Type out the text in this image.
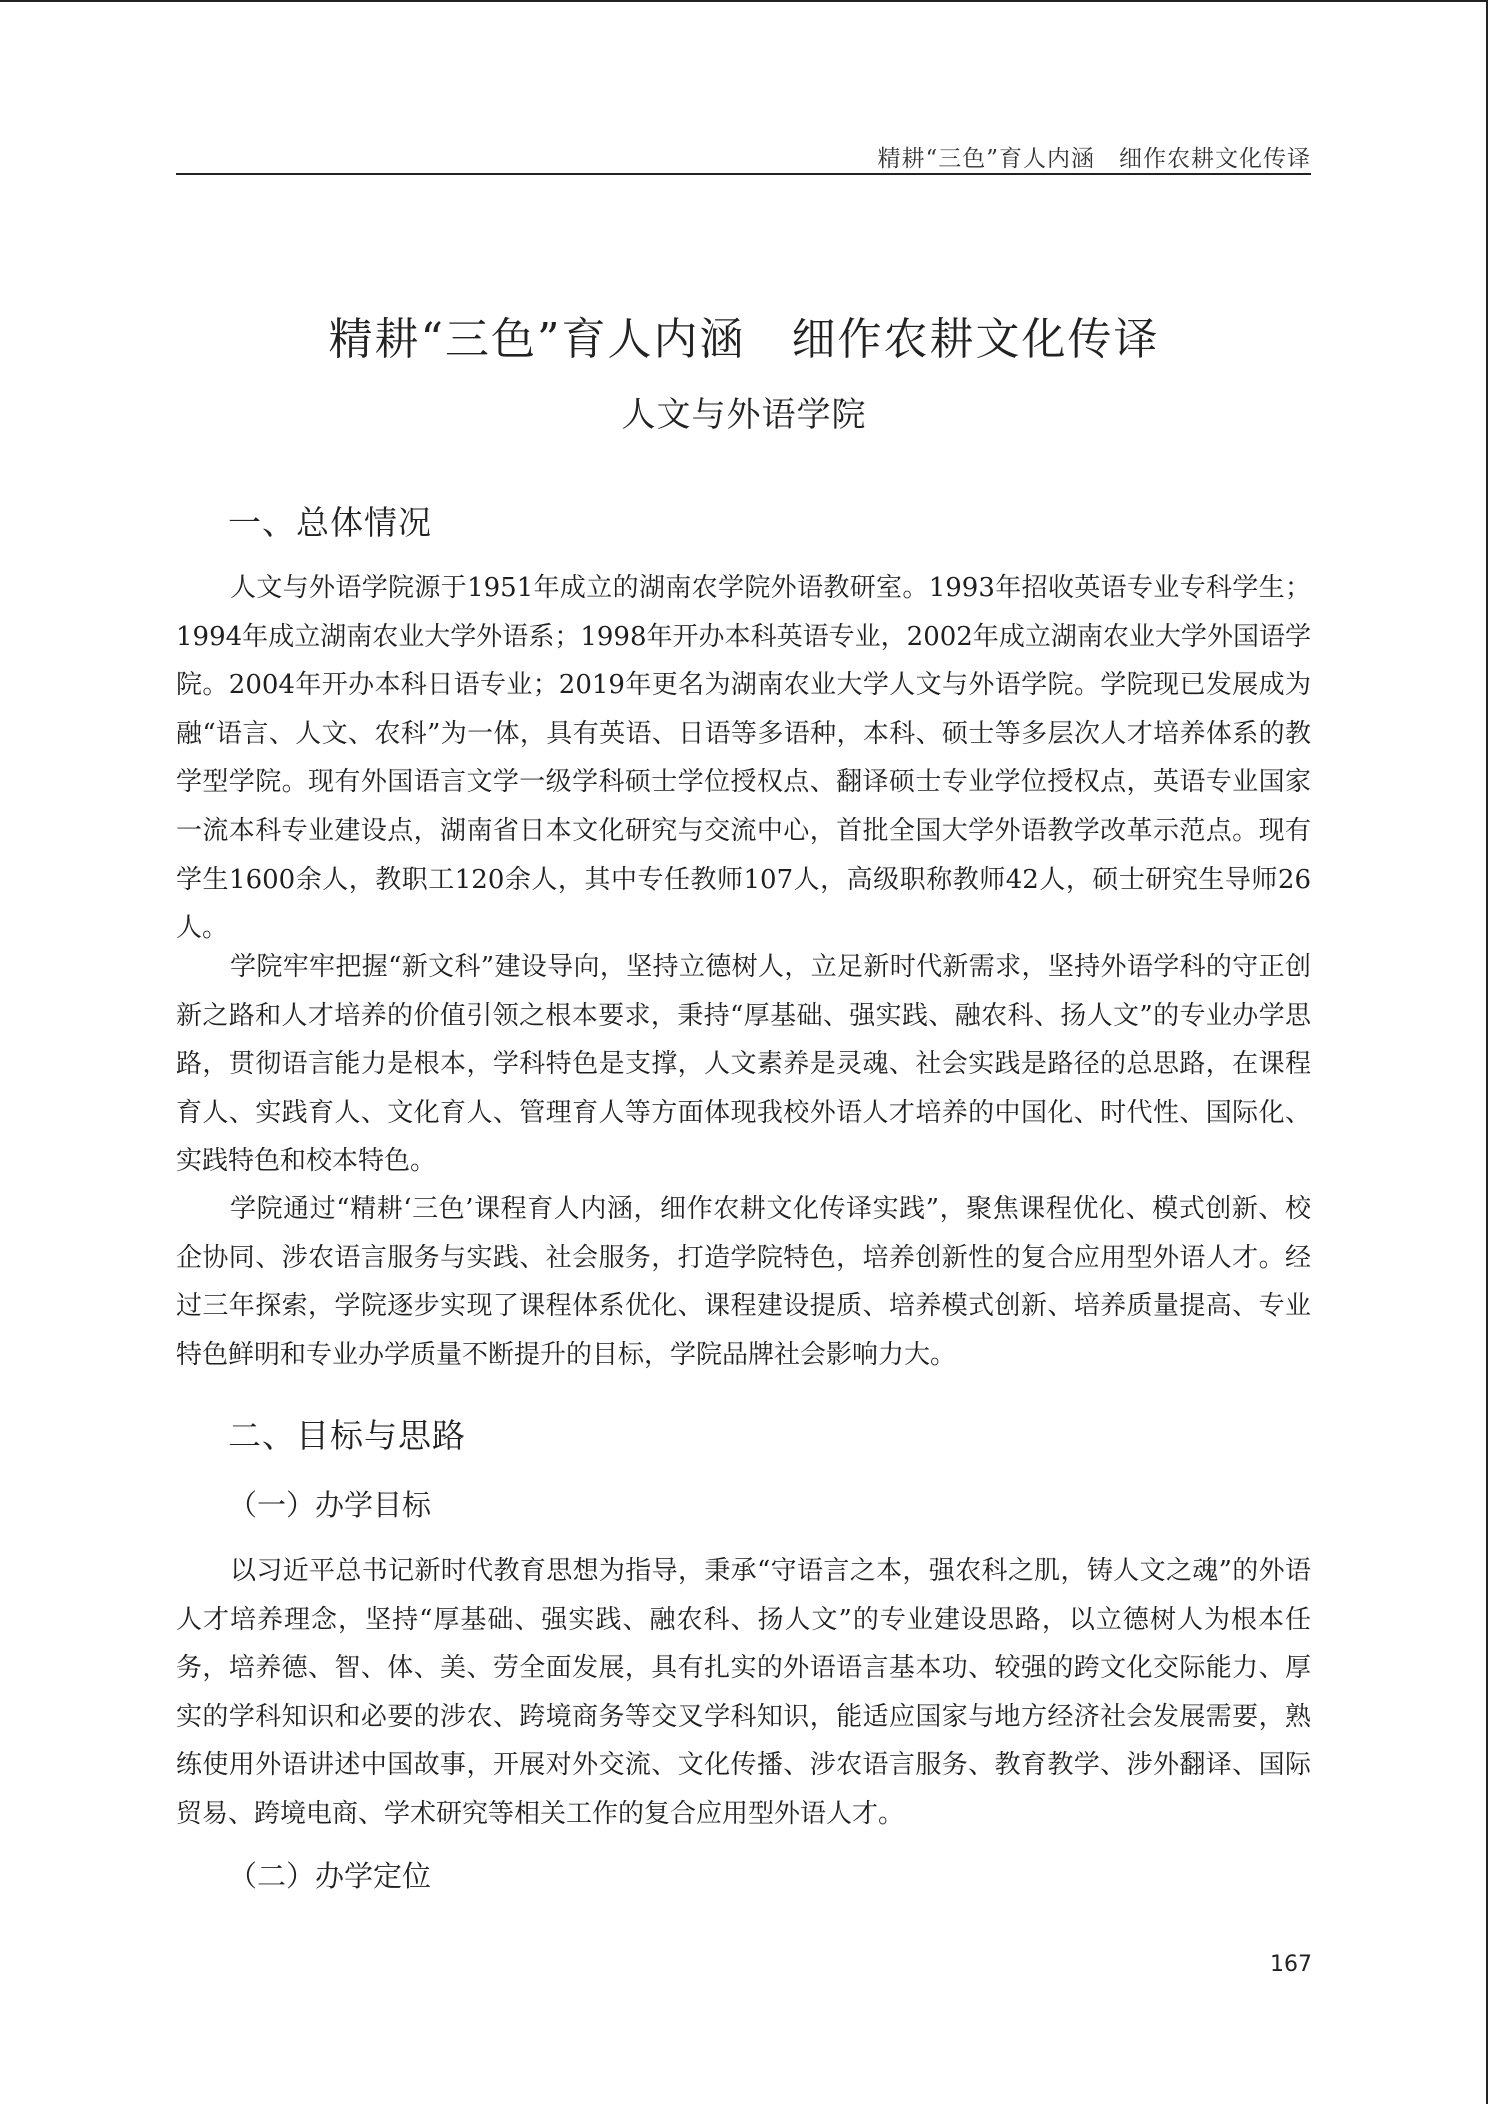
精耕“三色”育人内涵　细作农耕文化传译
精耕“三色”育人内涵　细作农耕文化传译
人文与外语学院
一、总体情况

人文与外语学院源于1951年成立的湖南农学院外语教研室。1993年招收英语专业专科学生；1994年成立湖南农业大学外语系；1998年开办本科英语专业，2002年成立湖南农业大学外国语学院。2004年开办本科日语专业；2019年更名为湖南农业大学人文与外语学院。学院现已发展成为融“语言、人文、农科”为一体，具有英语、日语等多语种，本科、硕士等多层次人才培养体系的教学型学院。现有外国语言文学一级学科硕士学位授权点、翻译硕士专业学位授权点，英语专业国家一流本科专业建设点，湖南省日本文化研究与交流中心，首批全国大学外语教学改革示范点。现有学生1600余人，教职工120余人，其中专任教师107人，高级职称教师42人，硕士研究生导师26人。

学院牢牢把握“新文科”建设导向，坚持立德树人，立足新时代新需求，坚持外语学科的守正创新之路和人才培养的价值引领之根本要求，秉持“厚基础、强实践、融农科、扬人文”的专业办学思路，贯彻语言能力是根本，学科特色是支撑，人文素养是灵魂、社会实践是路径的总思路，在课程育人、实践育人、文化育人、管理育人等方面体现我校外语人才培养的中国化、时代性、国际化、实践特色和校本特色。

学院通过“精耕‘三色’课程育人内涵，细作农耕文化传译实践”，聚焦课程优化、模式创新、校企协同、涉农语言服务与实践、社会服务，打造学院特色，培养创新性的复合应用型外语人才。经过三年探索，学院逐步实现了课程体系优化、课程建设提质、培养模式创新、培养质量提高、专业特色鲜明和专业办学质量不断提升的目标，学院品牌社会影响力大。

二、目标与思路
（一）办学目标

以习近平总书记新时代教育思想为指导，秉承“守语言之本，强农科之肌，铸人文之魂”的外语人才培养理念，坚持“厚基础、强实践、融农科、扬人文”的专业建设思路，以立德树人为根本任务，培养德、智、体、美、劳全面发展，具有扎实的外语语言基本功、较强的跨文化交际能力、厚实的学科知识和必要的涉农、跨境商务等交叉学科知识，能适应国家与地方经济社会发展需要，熟练使用外语讲述中国故事，开展对外交流、文化传播、涉农语言服务、教育教学、涉外翻译、国际贸易、跨境电商、学术研究等相关工作的复合应用型外语人才。

（二）办学定位
167
